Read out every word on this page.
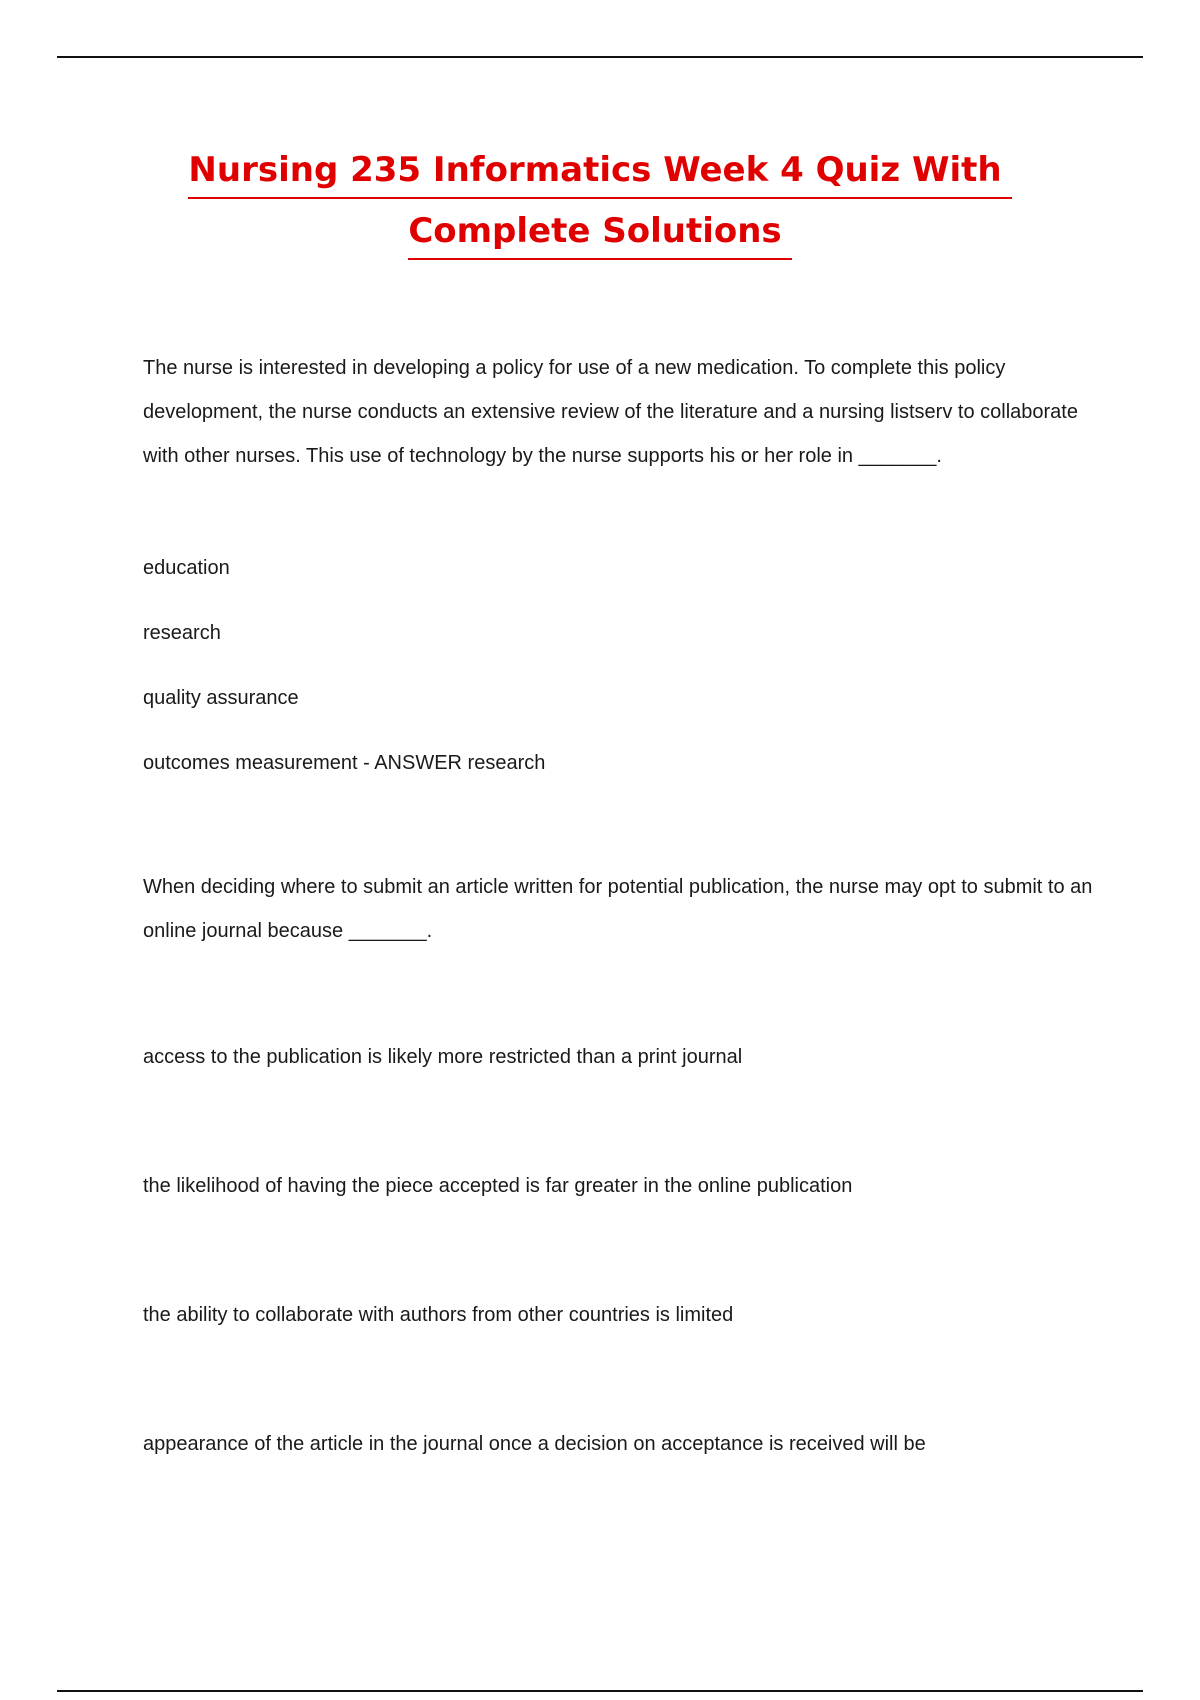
Nursing 235 Informatics Week 4 Quiz With
Complete Solutions
The nurse is interested in developing a policy for use of a new medication. To complete this policy development, the nurse conducts an extensive review of the literature and a nursing listserv to collaborate with other nurses. This use of technology by the nurse supports his or her role in _______.
education
research
quality assurance
outcomes measurement - ANSWER research
When deciding where to submit an article written for potential publication, the nurse may opt to submit to an online journal because _______.
access to the publication is likely more restricted than a print journal
the likelihood of having the piece accepted is far greater in the online publication
the ability to collaborate with authors from other countries is limited
appearance of the article in the journal once a decision on acceptance is received will be
